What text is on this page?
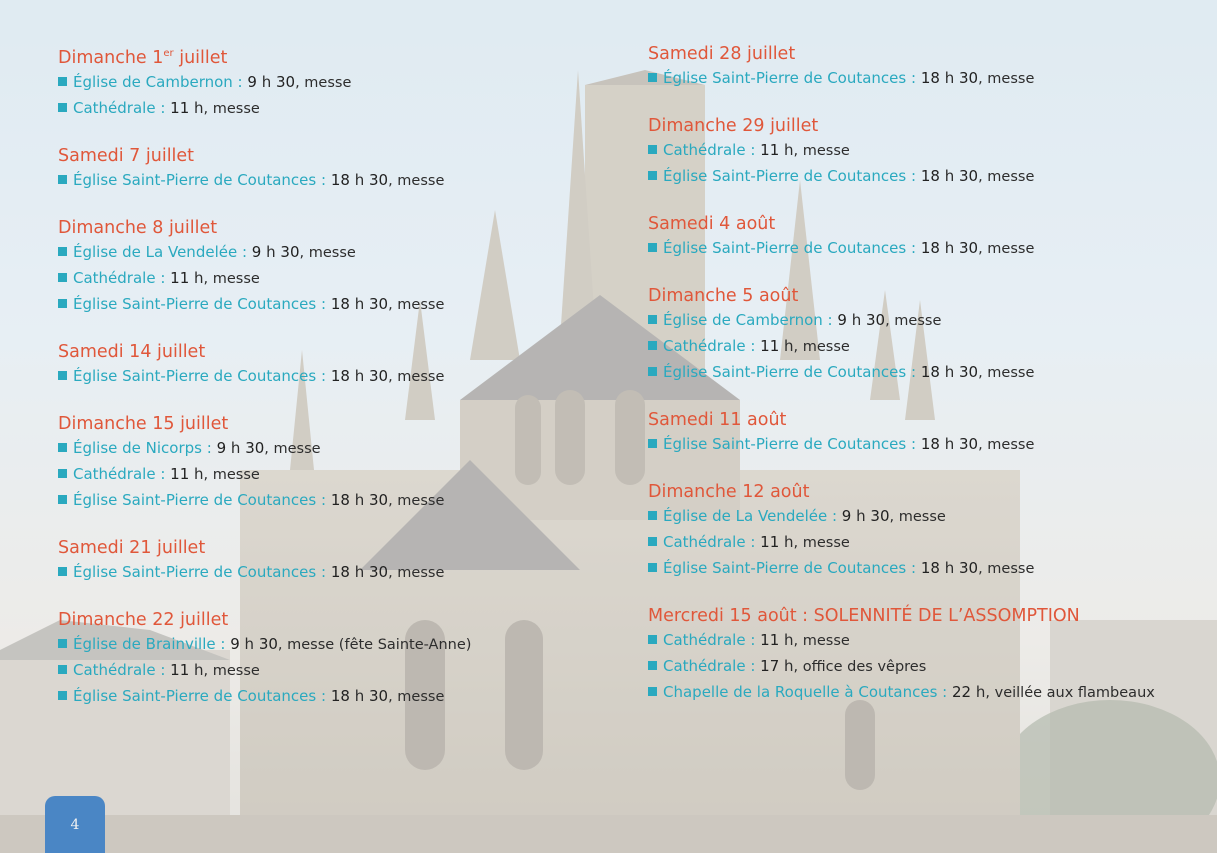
Dimanche 1er juillet
Église de Cambernon : 9 h 30, messe
Cathédrale : 11 h, messe
Samedi 7 juillet
Église Saint-Pierre de Coutances : 18 h 30, messe
Dimanche 8 juillet
Église de La Vendelée : 9 h 30, messe
Cathédrale : 11 h, messe
Église Saint-Pierre de Coutances : 18 h 30, messe
Samedi 14 juillet
Église Saint-Pierre de Coutances : 18 h 30, messe
Dimanche 15 juillet
Église de Nicorps : 9 h 30, messe
Cathédrale : 11 h, messe
Église Saint-Pierre de Coutances : 18 h 30, messe
Samedi 21 juillet
Église Saint-Pierre de Coutances : 18 h 30, messe
Dimanche 22 juillet
Église de Brainville : 9 h 30, messe (fête Sainte-Anne)
Cathédrale : 11 h, messe
Église Saint-Pierre de Coutances : 18 h 30, messe
Samedi 28 juillet
Église Saint-Pierre de Coutances : 18 h 30, messe
Dimanche 29 juillet
Cathédrale : 11 h, messe
Église Saint-Pierre de Coutances : 18 h 30, messe
Samedi 4 août
Église Saint-Pierre de Coutances : 18 h 30, messe
Dimanche 5 août
Église de Cambernon : 9 h 30, messe
Cathédrale : 11 h, messe
Église Saint-Pierre de Coutances : 18 h 30, messe
Samedi 11 août
Église Saint-Pierre de Coutances : 18 h 30, messe
Dimanche 12 août
Église de La Vendelée : 9 h 30, messe
Cathédrale : 11 h, messe
Église Saint-Pierre de Coutances : 18 h 30, messe
Mercredi 15 août : SOLENNITÉ DE L’ASSOMPTION
Cathédrale : 11 h, messe
Cathédrale : 17 h, office des vêpres
Chapelle de la Roquelle à Coutances : 22 h, veillée aux flambeaux
4
